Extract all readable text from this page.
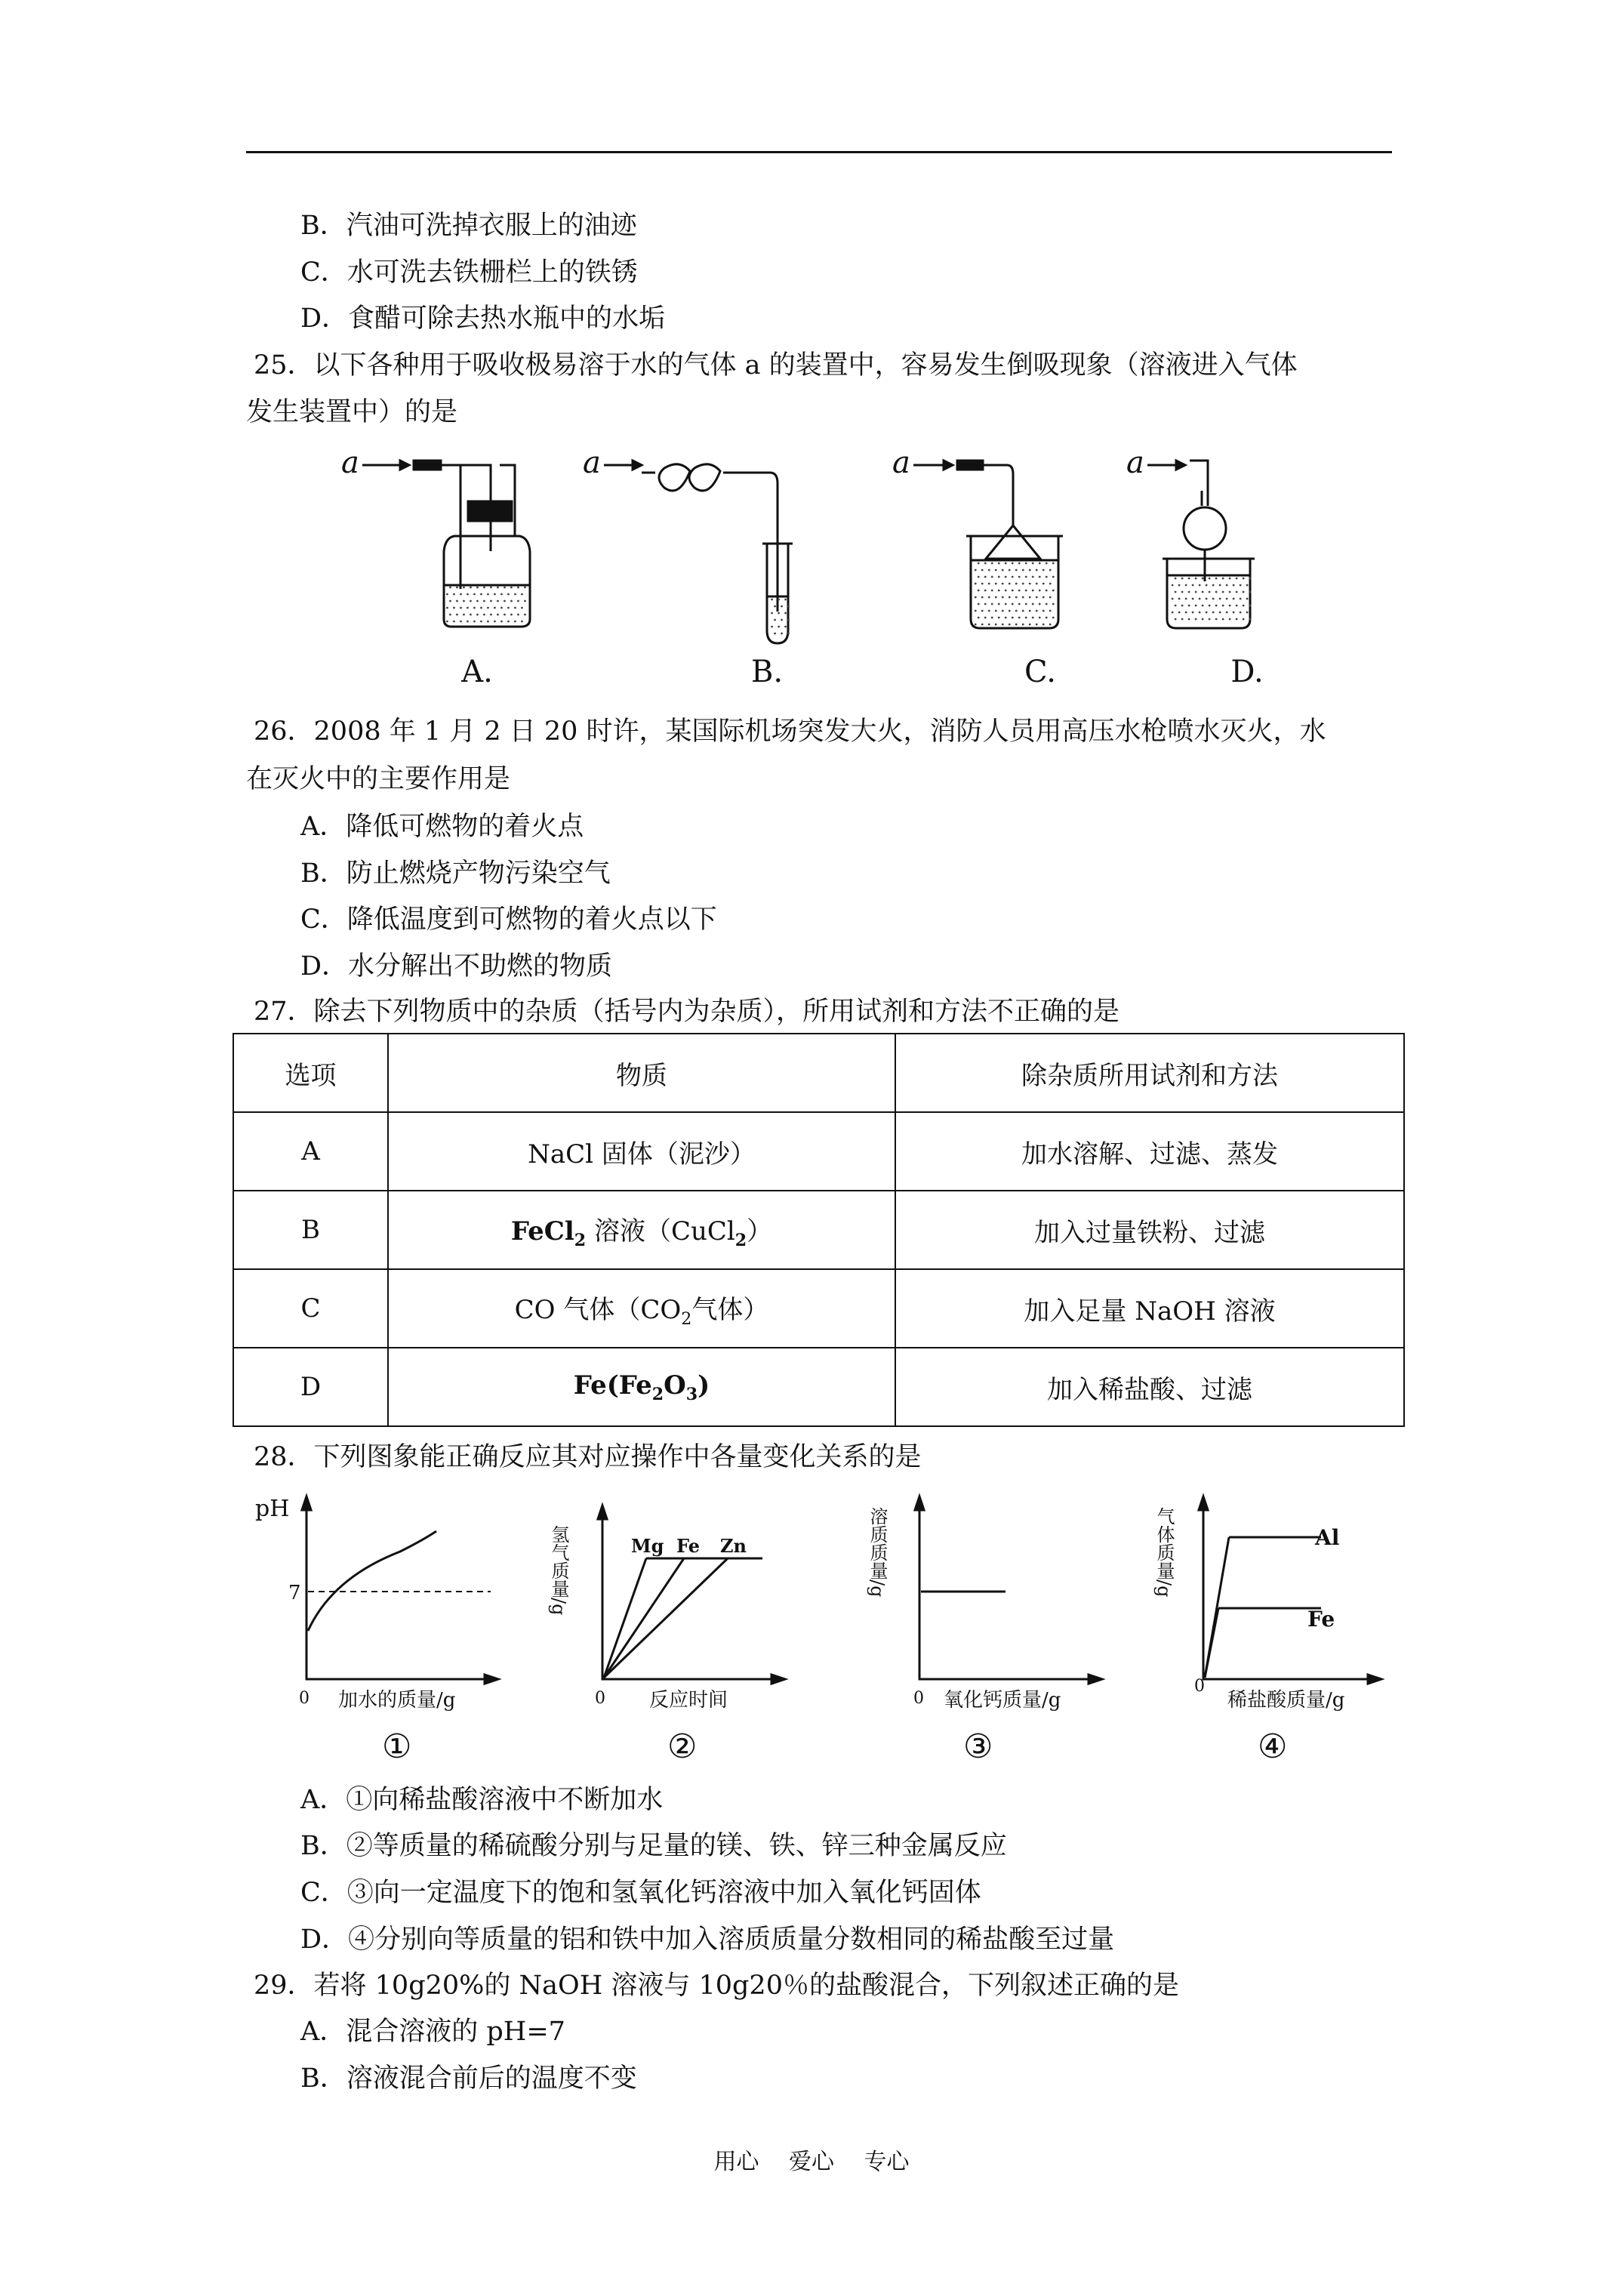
B．汽油可洗掉衣服上的油迹
C．水可洗去铁栅栏上的铁锈
D．食醋可除去热水瓶中的水垢
25．以下各种用于吸收极易溶于水的气体 a 的装置中，容易发生倒吸现象（溶液进入气体
发生装置中）的是
a	a	a	a
A.	B.	C.	D.
26．2008 年 1 月 2 日 20 时许，某国际机场突发大火，消防人员用高压水枪喷水灭火，水
在灭火中的主要作用是
A．降低可燃物的着火点
B．防止燃烧产物污染空气
C．降低温度到可燃物的着火点以下
D．水分解出不助燃的物质
27．除去下列物质中的杂质（括号内为杂质），所用试剂和方法不正确的是
选项	物质	除杂质所用试剂和方法
A	NaCl 固体（泥沙）	加水溶解、过滤、蒸发
B	FeCl$_2$ 溶液（CuCl$_2$）	加入过量铁粉、过滤
C	CO 气体（$CO_2$气体）	加入足量 NaOH 溶液
D	$Fe(Fe_2O_3)$	加入稀盐酸、过滤
28．下列图象能正确反应其对应操作中各量变化关系的是
pH
7
0 加水的质量/g
①
氢气质量/g	Mg Fe Zn
0 反应时间
②
溶质质量/g
0 氧化钙质量/g
③
气体质量/g	Al
Fe
0
稀盐酸质量/g
④
A．①向稀盐酸溶液中不断加水
B．②等质量的稀硫酸分别与足量的镁、铁、锌三种金属反应
C．③向一定温度下的饱和氢氧化钙溶液中加入氧化钙固体
D．④分别向等质量的铝和铁中加入溶质质量分数相同的稀盐酸至过量
29．若将 10g20%的 NaOH 溶液与 10g20％的盐酸混合，下列叙述正确的是
A．混合溶液的 pH=7
B．溶液混合前后的温度不变
用心 爱心 专心
